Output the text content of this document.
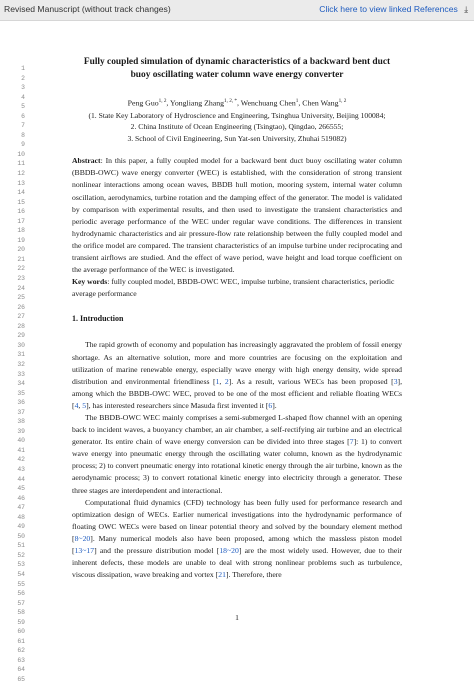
Revised Manuscript (without track changes)	Click here to view linked References ⤓
1
2
3
4
5
6
7
8
9
10
11
12
13
14
15
16
17
18
19
20
21
22
23
24
25
26
27
28
29
30
31
32
33
34
35
36
37
38
39
40
41
42
43
44
45
46
47
48
49
50
51
52
53
54
55
56
57
58
59
60
61
62
63
64
65
Fully coupled simulation of dynamic characteristics of a backward bent duct
buoy oscillating water column wave energy converter
Peng Guo$^{1, 2}$, Yongliang Zhang$^{1, 2, *}$, Wenchuang Chen$^1$, Chen Wang$^{1, 2}$
(1. State Key Laboratory of Hydroscience and Engineering, Tsinghua University, Beijing 100084;
2. China Institute of Ocean Engineering (Tsingtao), Qingdao, 266555;
3. School of Civil Engineering, Sun Yat-sen University, Zhuhai 519082)
Abstract: In this paper, a fully coupled model for a backward bent duct buoy oscillating water column (BBDB-OWC) wave energy converter (WEC) is established, with the consideration of strong transient nonlinear interactions among ocean waves, BBDB hull motion, mooring system, internal water column oscillation, aerodynamics, turbine rotation and the damping effect of the generator. The model is validated by comparison with experimental results, and then used to investigate the transient characteristics and periodic average performance of the WEC under regular wave conditions. The differences in transient hydrodynamic characteristics and air pressure-flow rate relationship between the fully coupled model and the orifice model are compared. The transient characteristics of an impulse turbine under reciprocating and transient airflows are studied. And the effect of wave period, wave height and load torque coefficient on the average performance of the WEC is investigated.
Key words: fully coupled model, BBDB-OWC WEC, impulse turbine, transient characteristics, periodic average performance
1. Introduction

The rapid growth of economy and population has increasingly aggravated the problem of fossil energy shortage. As an alternative solution, more and more countries are focusing on the exploitation and utilization of marine renewable energy, especially wave energy with high energy density, wide spread distribution and environmental friendliness [1, 2]. As a result, various WECs has been proposed [3], among which the BBDB-OWC WEC, proved to be one of the most efficient and reliable floating WECs [4, 5], has interested researchers since Masuda first invented it [6].

The BBDB-OWC WEC mainly comprises a semi-submerged L-shaped flow channel with an opening back to incident waves, a buoyancy chamber, an air chamber, a self-rectifying air turbine and an electrical generator. Its entire chain of wave energy conversion can be divided into three stages [7]: 1) to convert wave energy into pneumatic energy through the oscillating water column, known as the hydrodynamic process; 2) to convert pneumatic energy into rotational kinetic energy through the air turbine, known as the aerodynamic process; 3) to convert rotational kinetic energy into electricity through a generator. These three stages are interdependent and interactional.

Computational fluid dynamics (CFD) technology has been fully used for performance research and optimization design of WECs. Earlier numerical investigations into the hydrodynamic performance of floating OWC WECs were based on linear potential theory and solved by the boundary element method [8~20]. Many numerical models also have been proposed, among which the massless piston model [13~17] and the pressure distribution model [18~20] are the most widely used. However, due to their inherent defects, these models are unable to deal with strong nonlinear problems such as turbulence, viscous dissipation, wave breaking and vortex [21]. Therefore, there

1
